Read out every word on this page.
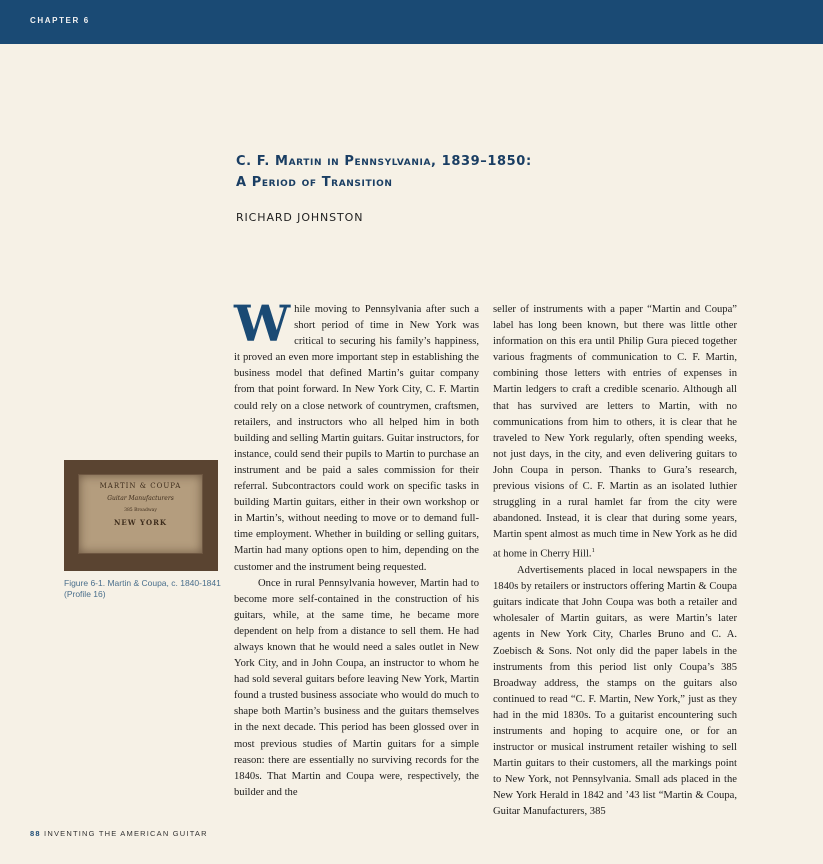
CHAPTER 6
C. F. Martin in Pennsylvania, 1839–1850:
A Period of Transition
RICHARD JOHNSTON
MARTIN & COUPA
Guitar Manufacturers
385 Broadway
NEW YORK
Figure 6-1. Martin & Coupa, c. 1840-1841
(Profile 16)

While moving to Pennsylvania after such a short period of time in New York was critical to securing his family’s happiness, it proved an even more important step in establishing the business model that defined Martin’s guitar company from that point forward. In New York City, C. F. Martin could rely on a close network of countrymen, craftsmen, retailers, and instructors who all helped him in both building and selling Martin guitars. Guitar instructors, for instance, could send their pupils to Martin to purchase an instrument and be paid a sales commission for their referral. Subcontractors could work on specific tasks in building Martin guitars, either in their own workshop or in Martin’s, without needing to move or to demand full-time employment. Whether in building or selling guitars, Martin had many options open to him, depending on the customer and the instrument being requested.

Once in rural Pennsylvania however, Martin had to become more self-contained in the construction of his guitars, while, at the same time, he became more dependent on help from a distance to sell them. He had always known that he would need a sales outlet in New York City, and in John Coupa, an instructor to whom he had sold several guitars before leaving New York, Martin found a trusted business associate who would do much to shape both Martin’s business and the guitars themselves in the next decade. This period has been glossed over in most previous studies of Martin guitars for a simple reason: there are essentially no surviving records for the 1840s. That Martin and Coupa were, respectively, the builder and the

seller of instruments with a paper “Martin and Coupa” label has long been known, but there was little other information on this era until Philip Gura pieced together various fragments of communication to C. F. Martin, combining those letters with entries of expenses in Martin ledgers to craft a credible scenario. Although all that has survived are letters to Martin, with no communications from him to others, it is clear that he traveled to New York regularly, often spending weeks, not just days, in the city, and even delivering guitars to John Coupa in person. Thanks to Gura’s research, previous visions of C. F. Martin as an isolated luthier struggling in a rural hamlet far from the city were abandoned. Instead, it is clear that during some years, Martin spent almost as much time in New York as he did at home in Cherry Hill.$^1$

Advertisements placed in local newspapers in the 1840s by retailers or instructors offering Martin & Coupa guitars indicate that John Coupa was both a retailer and wholesaler of Martin guitars, as were Martin’s later agents in New York City, Charles Bruno and C. A. Zoebisch & Sons. Not only did the paper labels in the instruments from this period list only Coupa’s 385 Broadway address, the stamps on the guitars also continued to read “C. F. Martin, New York,” just as they had in the mid 1830s. To a guitarist encountering such instruments and hoping to acquire one, or for an instructor or musical instrument retailer wishing to sell Martin guitars to their customers, all the markings point to New York, not Pennsylvania. Small ads placed in the New York Herald in 1842 and ’43 list “Martin & Coupa, Guitar Manufacturers, 385

88 INVENTING THE AMERICAN GUITAR
